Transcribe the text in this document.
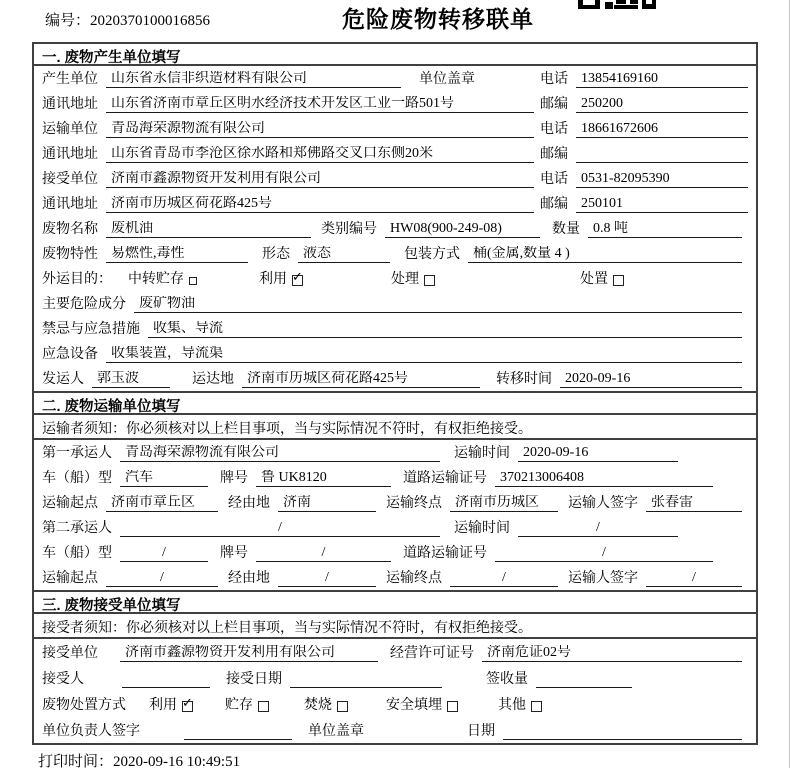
编号：2020370100016856	危险废物转移联单
一. 废物产生单位填写
产生单位 山东省永信非织造材料有限公司	单位盖章	电话 13854169160
通讯地址 山东省济南市章丘区明水经济技术开发区工业一路501号	邮编 250200
运输单位 青岛海荣源物流有限公司	电话 18661672606
通讯地址 山东省青岛市李沧区徐水路和郑佛路交叉口东侧20米	邮编
接受单位 济南市鑫源物资开发利用有限公司	电话 0531-82095390
通讯地址 济南市历城区荷花路425号	邮编 250101
废物名称 废机油	类别编号 HW08(900-249-08)	数量 0.8 吨
废物特性 易燃性,毒性	形态 液态	包装方式 桶(金属,数量 4 )
外运目的： 中转贮存	利用 ✓	处理	处置
主要危险成分 废矿物油
禁忌与应急措施 收集、导流
应急设备 收集装置，导流渠
发运人 郭玉波	运达地 济南市历城区荷花路425号	转移时间 2020-09-16
二. 废物运输单位填写
运输者须知：你必须核对以上栏目事项，当与实际情况不符时，有权拒绝接受。
第一承运人 青岛海荣源物流有限公司	运输时间 2020-09-16
车（船）型 汽车	牌号 鲁 UK8120	道路运输证号 370213006408
运输起点 济南市章丘区	经由地 济南	运输终点 济南市历城区	运输人签字 张春雷
第二承运人	/	运输时间	/
车（船）型	/	牌号	/	道路运输证号	/
运输起点	/	经由地	/	运输终点	/	运输人签字	/
三. 废物接受单位填写
接受者须知：你必须核对以上栏目事项，当与实际情况不符时，有权拒绝接受。
接受单位	济南市鑫源物资开发利用有限公司	经营许可证号 济南危证02号
接受人	接受日期	签收量
废物处置方式 利用 ✓	贮存	焚烧	安全填埋	其他
单位负责人签字	单位盖章	日期
打印时间：2020-09-16 10:49:51
